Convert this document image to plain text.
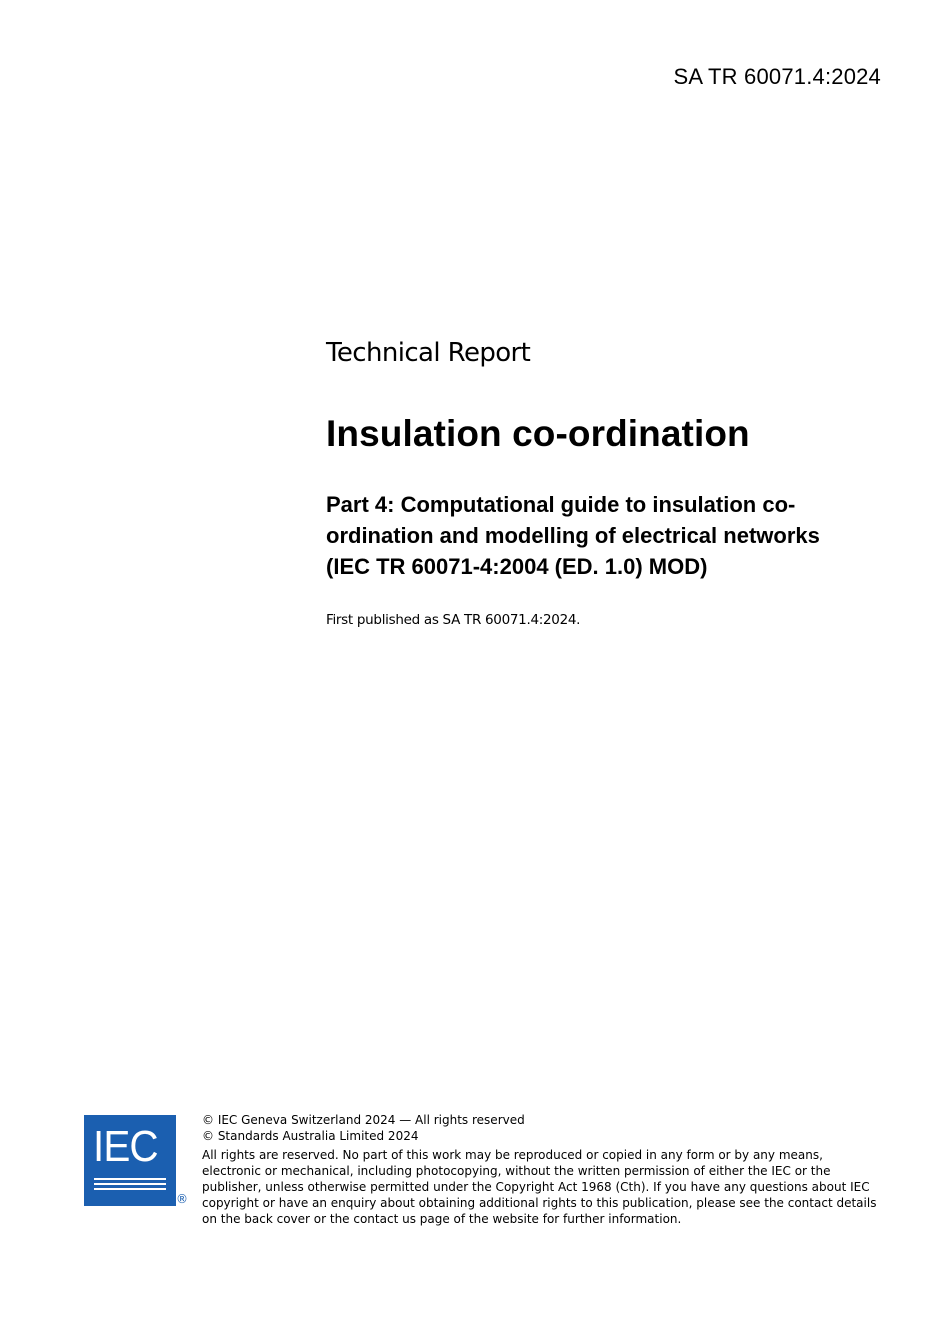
SA TR 60071.4:2024
Technical Report
Insulation co-ordination
Part 4: Computational guide to insulation co-
ordination and modelling of electrical networks
(IEC TR 60071-4:2004 (ED. 1.0) MOD)
First published as SA TR 60071.4:2024.
IEC
®
© IEC Geneva Switzerland 2024 — All rights reserved
© Standards Australia Limited 2024
All rights are reserved. No part of this work may be reproduced or copied in any form or by any means,
electronic or mechanical, including photocopying, without the written permission of either the IEC or the
publisher, unless otherwise permitted under the Copyright Act 1968 (Cth). If you have any questions about IEC
copyright or have an enquiry about obtaining additional rights to this publication, please see the contact details
on the back cover or the contact us page of the website for further information.
